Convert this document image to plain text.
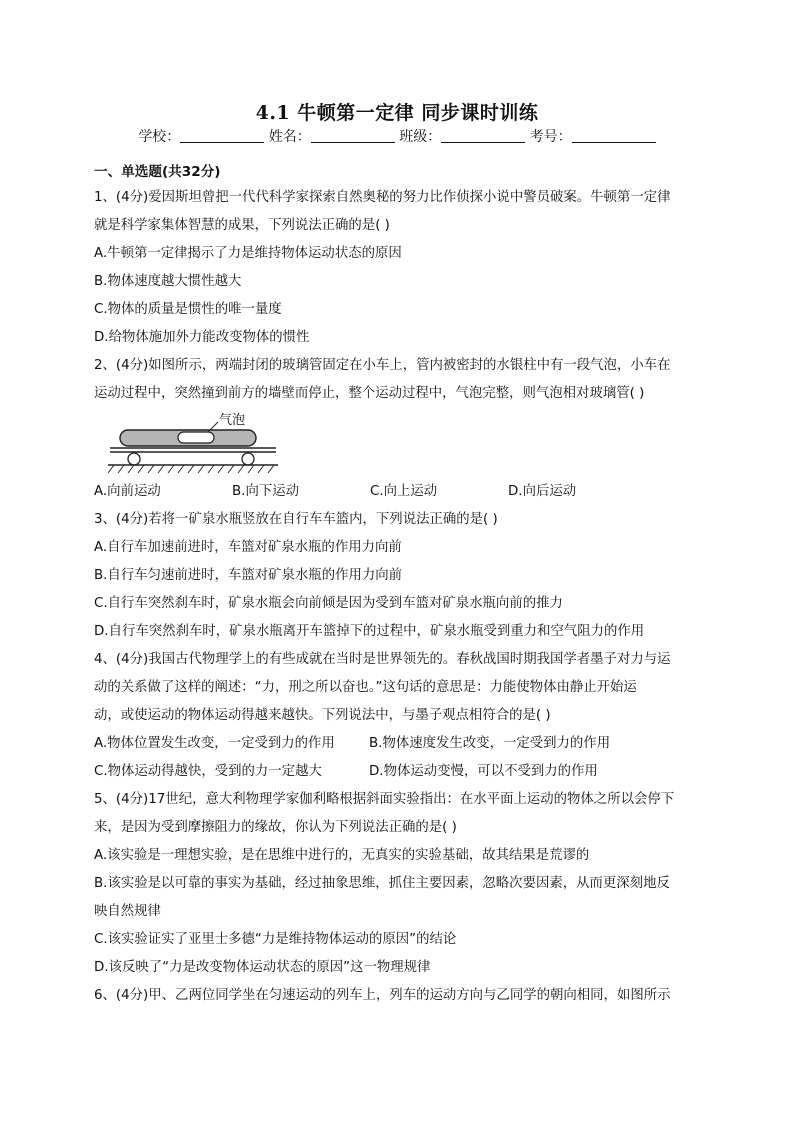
4.1 牛顿第一定律 同步课时训练
学校：	姓名：	班级：	考号：
一、单选题(共32分)
1、(4分)爱因斯坦曾把一代代科学家探索自然奥秘的努力比作侦探小说中警员破案。牛顿第一定律
就是科学家集体智慧的成果，下列说法正确的是( )
A.牛顿第一定律揭示了力是维持物体运动状态的原因
B.物体速度越大惯性越大
C.物体的质量是惯性的唯一量度
D.给物体施加外力能改变物体的惯性
2、(4分)如图所示，两端封闭的玻璃管固定在小车上，管内被密封的水银柱中有一段气泡，小车在
运动过程中，突然撞到前方的墙壁而停止，整个运动过程中，气泡完整，则气泡相对玻璃管( )
气泡
A.向前运动	B.向下运动	C.向上运动	D.向后运动
3、(4分)若将一矿泉水瓶竖放在自行车车篮内，下列说法正确的是( )
A.自行车加速前进时，车篮对矿泉水瓶的作用力向前
B.自行车匀速前进时，车篮对矿泉水瓶的作用力向前
C.自行车突然刹车时，矿泉水瓶会向前倾是因为受到车篮对矿泉水瓶向前的推力
D.自行车突然刹车时，矿泉水瓶离开车篮掉下的过程中，矿泉水瓶受到重力和空气阻力的作用
4、(4分)我国古代物理学上的有些成就在当时是世界领先的。春秋战国时期我国学者墨子对力与运
动的关系做了这样的阐述：“力，刑之所以奋也。”这句话的意思是：力能使物体由静止开始运
动，或使运动的物体运动得越来越快。下列说法中，与墨子观点相符合的是( )
A.物体位置发生改变，一定受到力的作用	B.物体速度发生改变，一定受到力的作用
C.物体运动得越快，受到的力一定越大	D.物体运动变慢，可以不受到力的作用
5、(4分)17世纪，意大利物理学家伽利略根据斜面实验指出：在水平面上运动的物体之所以会停下
来，是因为受到摩擦阻力的缘故，你认为下列说法正确的是( )
A.该实验是一理想实验，是在思维中进行的，无真实的实验基础，故其结果是荒谬的
B.该实验是以可靠的事实为基础，经过抽象思维，抓住主要因素，忽略次要因素，从而更深刻地反
映自然规律
C.该实验证实了亚里士多德“力是维持物体运动的原因”的结论
D.该反映了“力是改变物体运动状态的原因”这一物理规律
6、(4分)甲、乙两位同学坐在匀速运动的列车上，列车的运动方向与乙同学的朝向相同，如图所示
